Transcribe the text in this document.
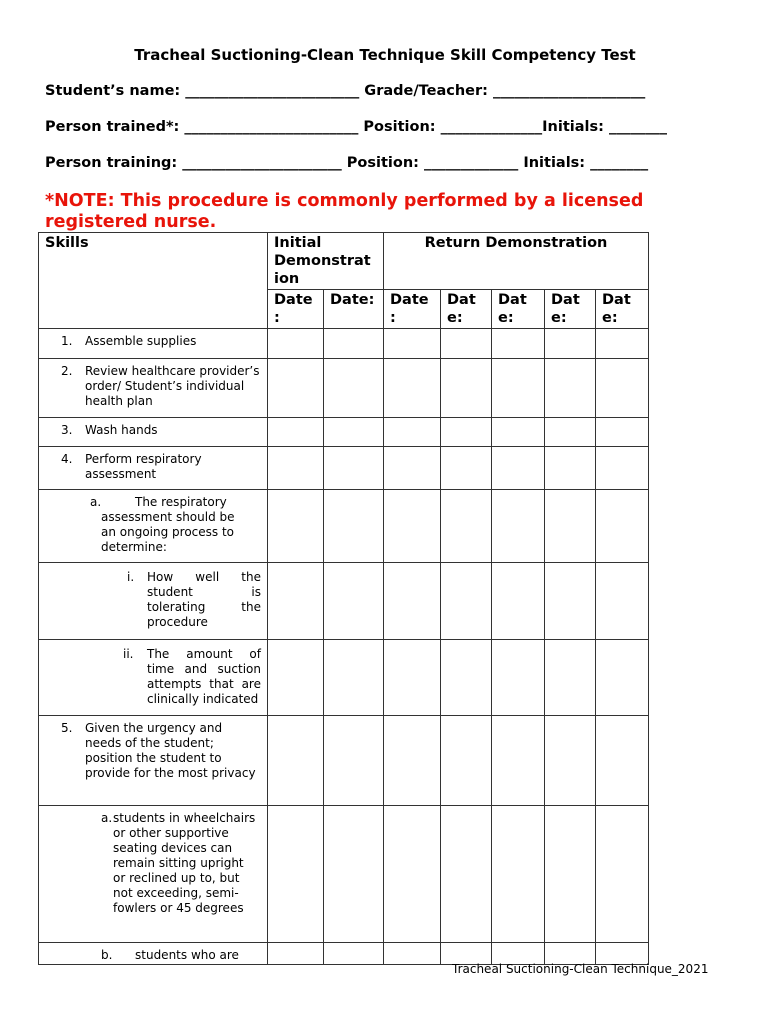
Tracheal Suctioning-Clean Technique Skill Competency Test
Student’s name: ________________________ Grade/Teacher: _____________________
Person trained*: ________________________ Position: ______________Initials: ________
Person training: ______________________ Position: _____________ Initials: ________
*NOTE: This procedure is commonly performed by a licensed registered nurse.
Skills	Initial Demonstrat ion		Return Demonstration				
	Date :	Date:	Date :	Dat e:	Dat e:	Dat e:	Dat e:

1. Assemble supplies							

2. Review healthcare provider’s order/ Student’s individual health plan							

3. Wash hands							

4. Perform respiratory assessment							

a. The respiratory assessment should be an ongoing process to determine:							

i. How well the student is tolerating the procedure							

ii. The amount of time and suction attempts that are clinically indicated							

5. Given the urgency and needs of the student; position the student to provide for the most privacy							

a. students in wheelchairs or other supportive seating devices can remain sitting upright or reclined up to, but not exceeding, semi-fowlers or 45 degrees							

b. students who are							

Tracheal Suctioning-Clean Technique_2021
